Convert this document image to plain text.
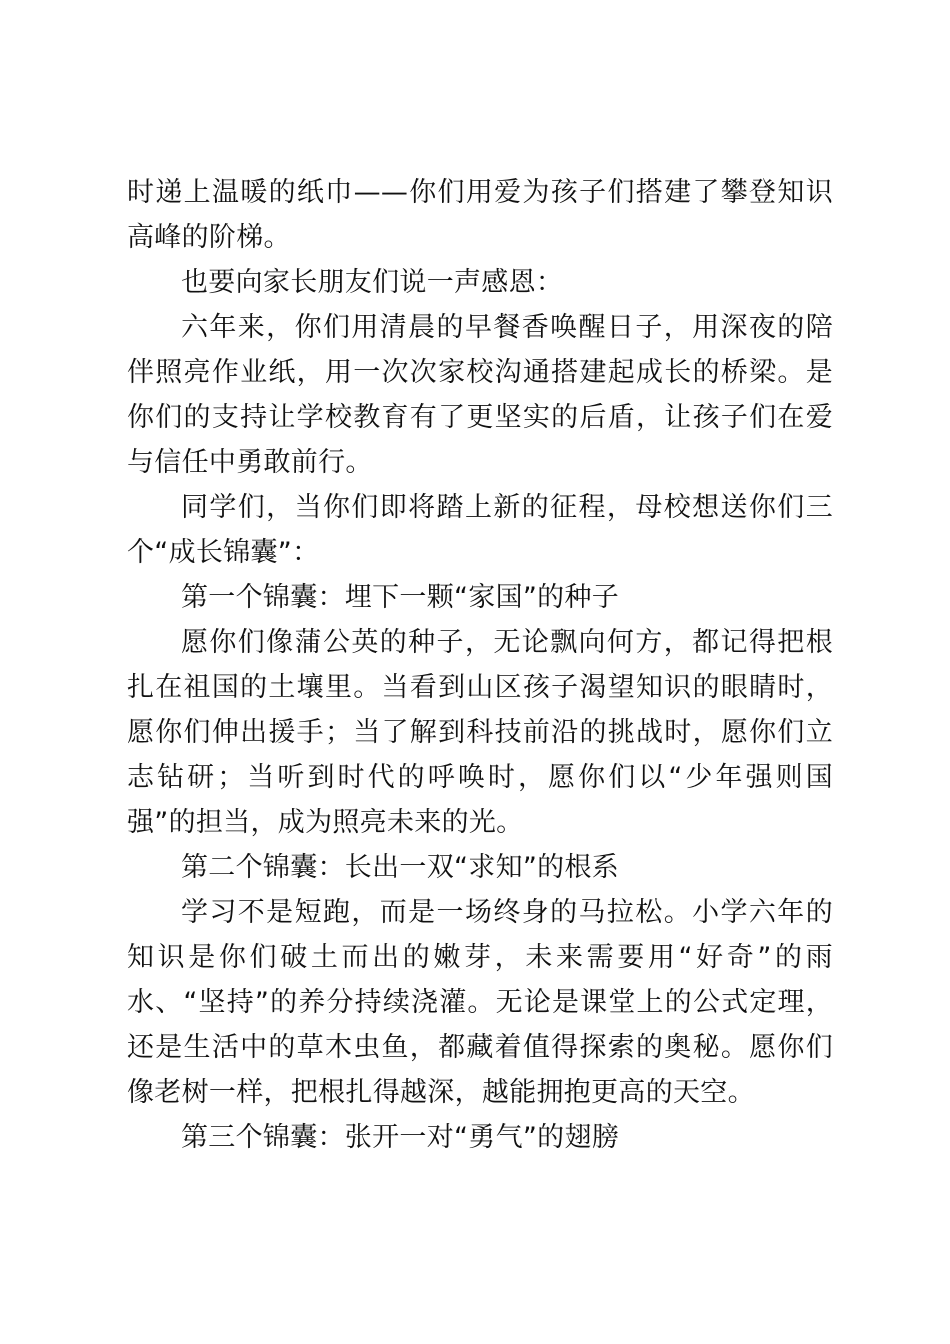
时递上温暖的纸巾——你们用爱为孩子们搭建了攀登知识高峰的阶梯。

也要向家长朋友们说一声感恩：

六年来，你们用清晨的早餐香唤醒日子，用深夜的陪伴照亮作业纸，用一次次家校沟通搭建起成长的桥梁。是你们的支持让学校教育有了更坚实的后盾，让孩子们在爱与信任中勇敢前行。

同学们，当你们即将踏上新的征程，母校想送你们三个“成长锦囊”：

第一个锦囊：埋下一颗“家国”的种子

愿你们像蒲公英的种子，无论飘向何方，都记得把根扎在祖国的土壤里。当看到山区孩子渴望知识的眼睛时，愿你们伸出援手；当了解到科技前沿的挑战时，愿你们立志钻研；当听到时代的呼唤时，愿你们以“少年强则国强”的担当，成为照亮未来的光。

第二个锦囊：长出一双“求知”的根系

学习不是短跑，而是一场终身的马拉松。小学六年的知识是你们破土而出的嫩芽，未来需要用“好奇”的雨水、“坚持”的养分持续浇灌。无论是课堂上的公式定理，还是生活中的草木虫鱼，都藏着值得探索的奥秘。愿你们像老树一样，把根扎得越深，越能拥抱更高的天空。

第三个锦囊：张开一对“勇气”的翅膀
